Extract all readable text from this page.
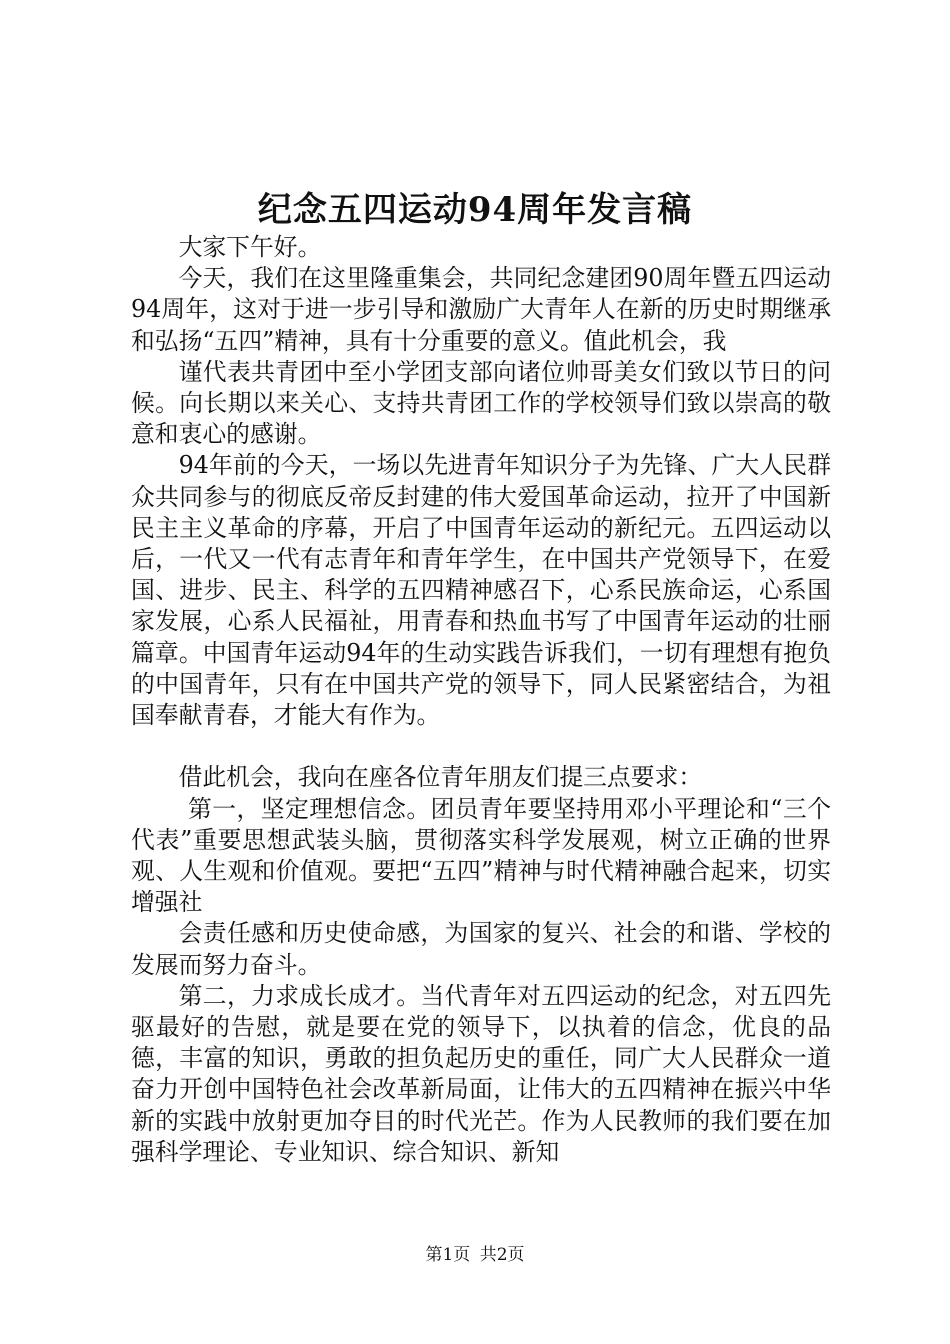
纪念五四运动94周年发言稿

大家下午好。

今天，我们在这里隆重集会，共同纪念建团90周年暨五四运动94周年，这对于进一步引导和激励广大青年人在新的历史时期继承和弘扬“五四”精神，具有十分重要的意义。值此机会，我

谨代表共青团中至小学团支部向诸位帅哥美女们致以节日的问候。向长期以来关心、支持共青团工作的学校领导们致以崇高的敬意和衷心的感谢。

94年前的今天，一场以先进青年知识分子为先锋、广大人民群众共同参与的彻底反帝反封建的伟大爱国革命运动，拉开了中国新民主主义革命的序幕，开启了中国青年运动的新纪元。五四运动以后，一代又一代有志青年和青年学生，在中国共产党领导下，在爱国、进步、民主、科学的五四精神感召下，心系民族命运，心系国家发展，心系人民福祉，用青春和热血书写了中国青年运动的壮丽篇章。中国青年运动94年的生动实践告诉我们，一切有理想有抱负的中国青年，只有在中国共产党的领导下，同人民紧密结合，为祖国奉献青春，才能大有作为。

借此机会，我向在座各位青年朋友们提三点要求：

第一，坚定理想信念。团员青年要坚持用邓小平理论和“三个代表”重要思想武装头脑，贯彻落实科学发展观，树立正确的世界观、人生观和价值观。要把“五四”精神与时代精神融合起来，切实增强社

会责任感和历史使命感，为国家的复兴、社会的和谐、学校的发展而努力奋斗。

第二，力求成长成才。当代青年对五四运动的纪念，对五四先驱最好的告慰，就是要在党的领导下，以执着的信念，优良的品德，丰富的知识，勇敢的担负起历史的重任，同广大人民群众一道奋力开创中国特色社会改革新局面，让伟大的五四精神在振兴中华新的实践中放射更加夺目的时代光芒。作为人民教师的我们要在加强科学理论、专业知识、综合知识、新知

第1页 共2页
